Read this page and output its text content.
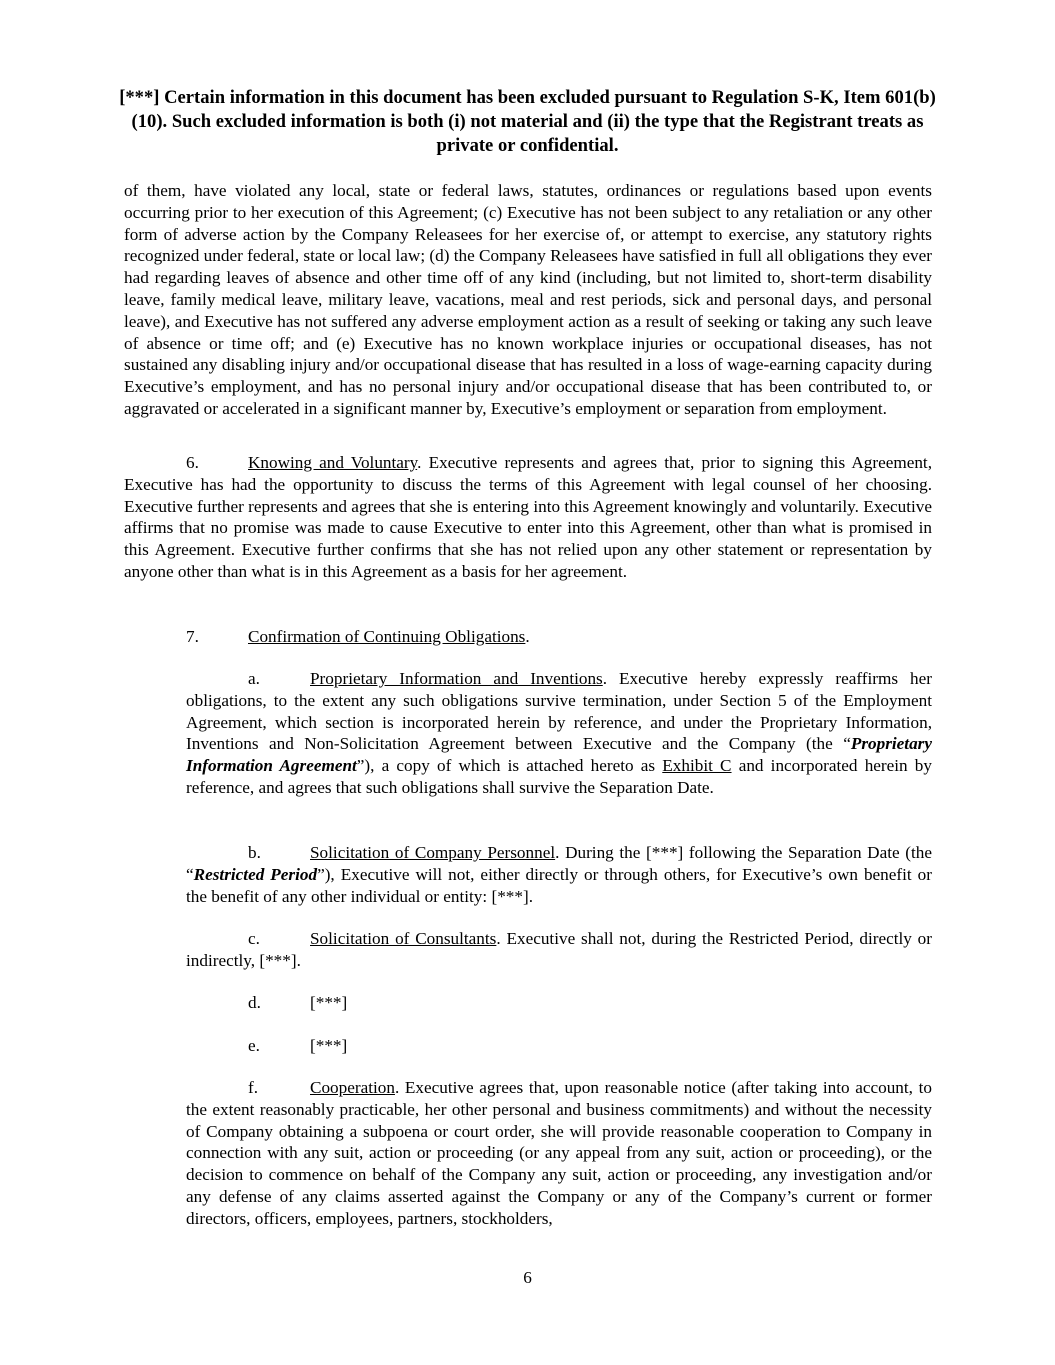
[***] Certain information in this document has been excluded pursuant to Regulation S-K, Item 601(b)(10). Such excluded information is both (i) not material and (ii) the type that the Registrant treats as private or confidential.
of them, have violated any local, state or federal laws, statutes, ordinances or regulations based upon events occurring prior to her execution of this Agreement; (c) Executive has not been subject to any retaliation or any other form of adverse action by the Company Releasees for her exercise of, or attempt to exercise, any statutory rights recognized under federal, state or local law; (d) the Company Releasees have satisfied in full all obligations they ever had regarding leaves of absence and other time off of any kind (including, but not limited to, short-term disability leave, family medical leave, military leave, vacations, meal and rest periods, sick and personal days, and personal leave), and Executive has not suffered any adverse employment action as a result of seeking or taking any such leave of absence or time off; and (e) Executive has no known workplace injuries or occupational diseases, has not sustained any disabling injury and/or occupational disease that has resulted in a loss of wage-earning capacity during Executive’s employment, and has no personal injury and/or occupational disease that has been contributed to, or aggravated or accelerated in a significant manner by, Executive’s employment or separation from employment.
6.	Knowing and Voluntary. Executive represents and agrees that, prior to signing this Agreement, Executive has had the opportunity to discuss the terms of this Agreement with legal counsel of her choosing. Executive further represents and agrees that she is entering into this Agreement knowingly and voluntarily. Executive affirms that no promise was made to cause Executive to enter into this Agreement, other than what is promised in this Agreement. Executive further confirms that she has not relied upon any other statement or representation by anyone other than what is in this Agreement as a basis for her agreement.
7.	Confirmation of Continuing Obligations.
a.	Proprietary Information and Inventions. Executive hereby expressly reaffirms her obligations, to the extent any such obligations survive termination, under Section 5 of the Employment Agreement, which section is incorporated herein by reference, and under the Proprietary Information, Inventions and Non-Solicitation Agreement between Executive and the Company (the “Proprietary Information Agreement”), a copy of which is attached hereto as Exhibit C and incorporated herein by reference, and agrees that such obligations shall survive the Separation Date.
b.	Solicitation of Company Personnel. During the [***] following the Separation Date (the “Restricted Period”), Executive will not, either directly or through others, for Executive’s own benefit or the benefit of any other individual or entity: [***].
c.	Solicitation of Consultants. Executive shall not, during the Restricted Period, directly or indirectly, [***].
d.	[***]
e.	[***]
f.	Cooperation. Executive agrees that, upon reasonable notice (after taking into account, to the extent reasonably practicable, her other personal and business commitments) and without the necessity of Company obtaining a subpoena or court order, she will provide reasonable cooperation to Company in connection with any suit, action or proceeding (or any appeal from any suit, action or proceeding), or the decision to commence on behalf of the Company any suit, action or proceeding, any investigation and/or any defense of any claims asserted against the Company or any of the Company’s current or former directors, officers, employees, partners, stockholders,
6
